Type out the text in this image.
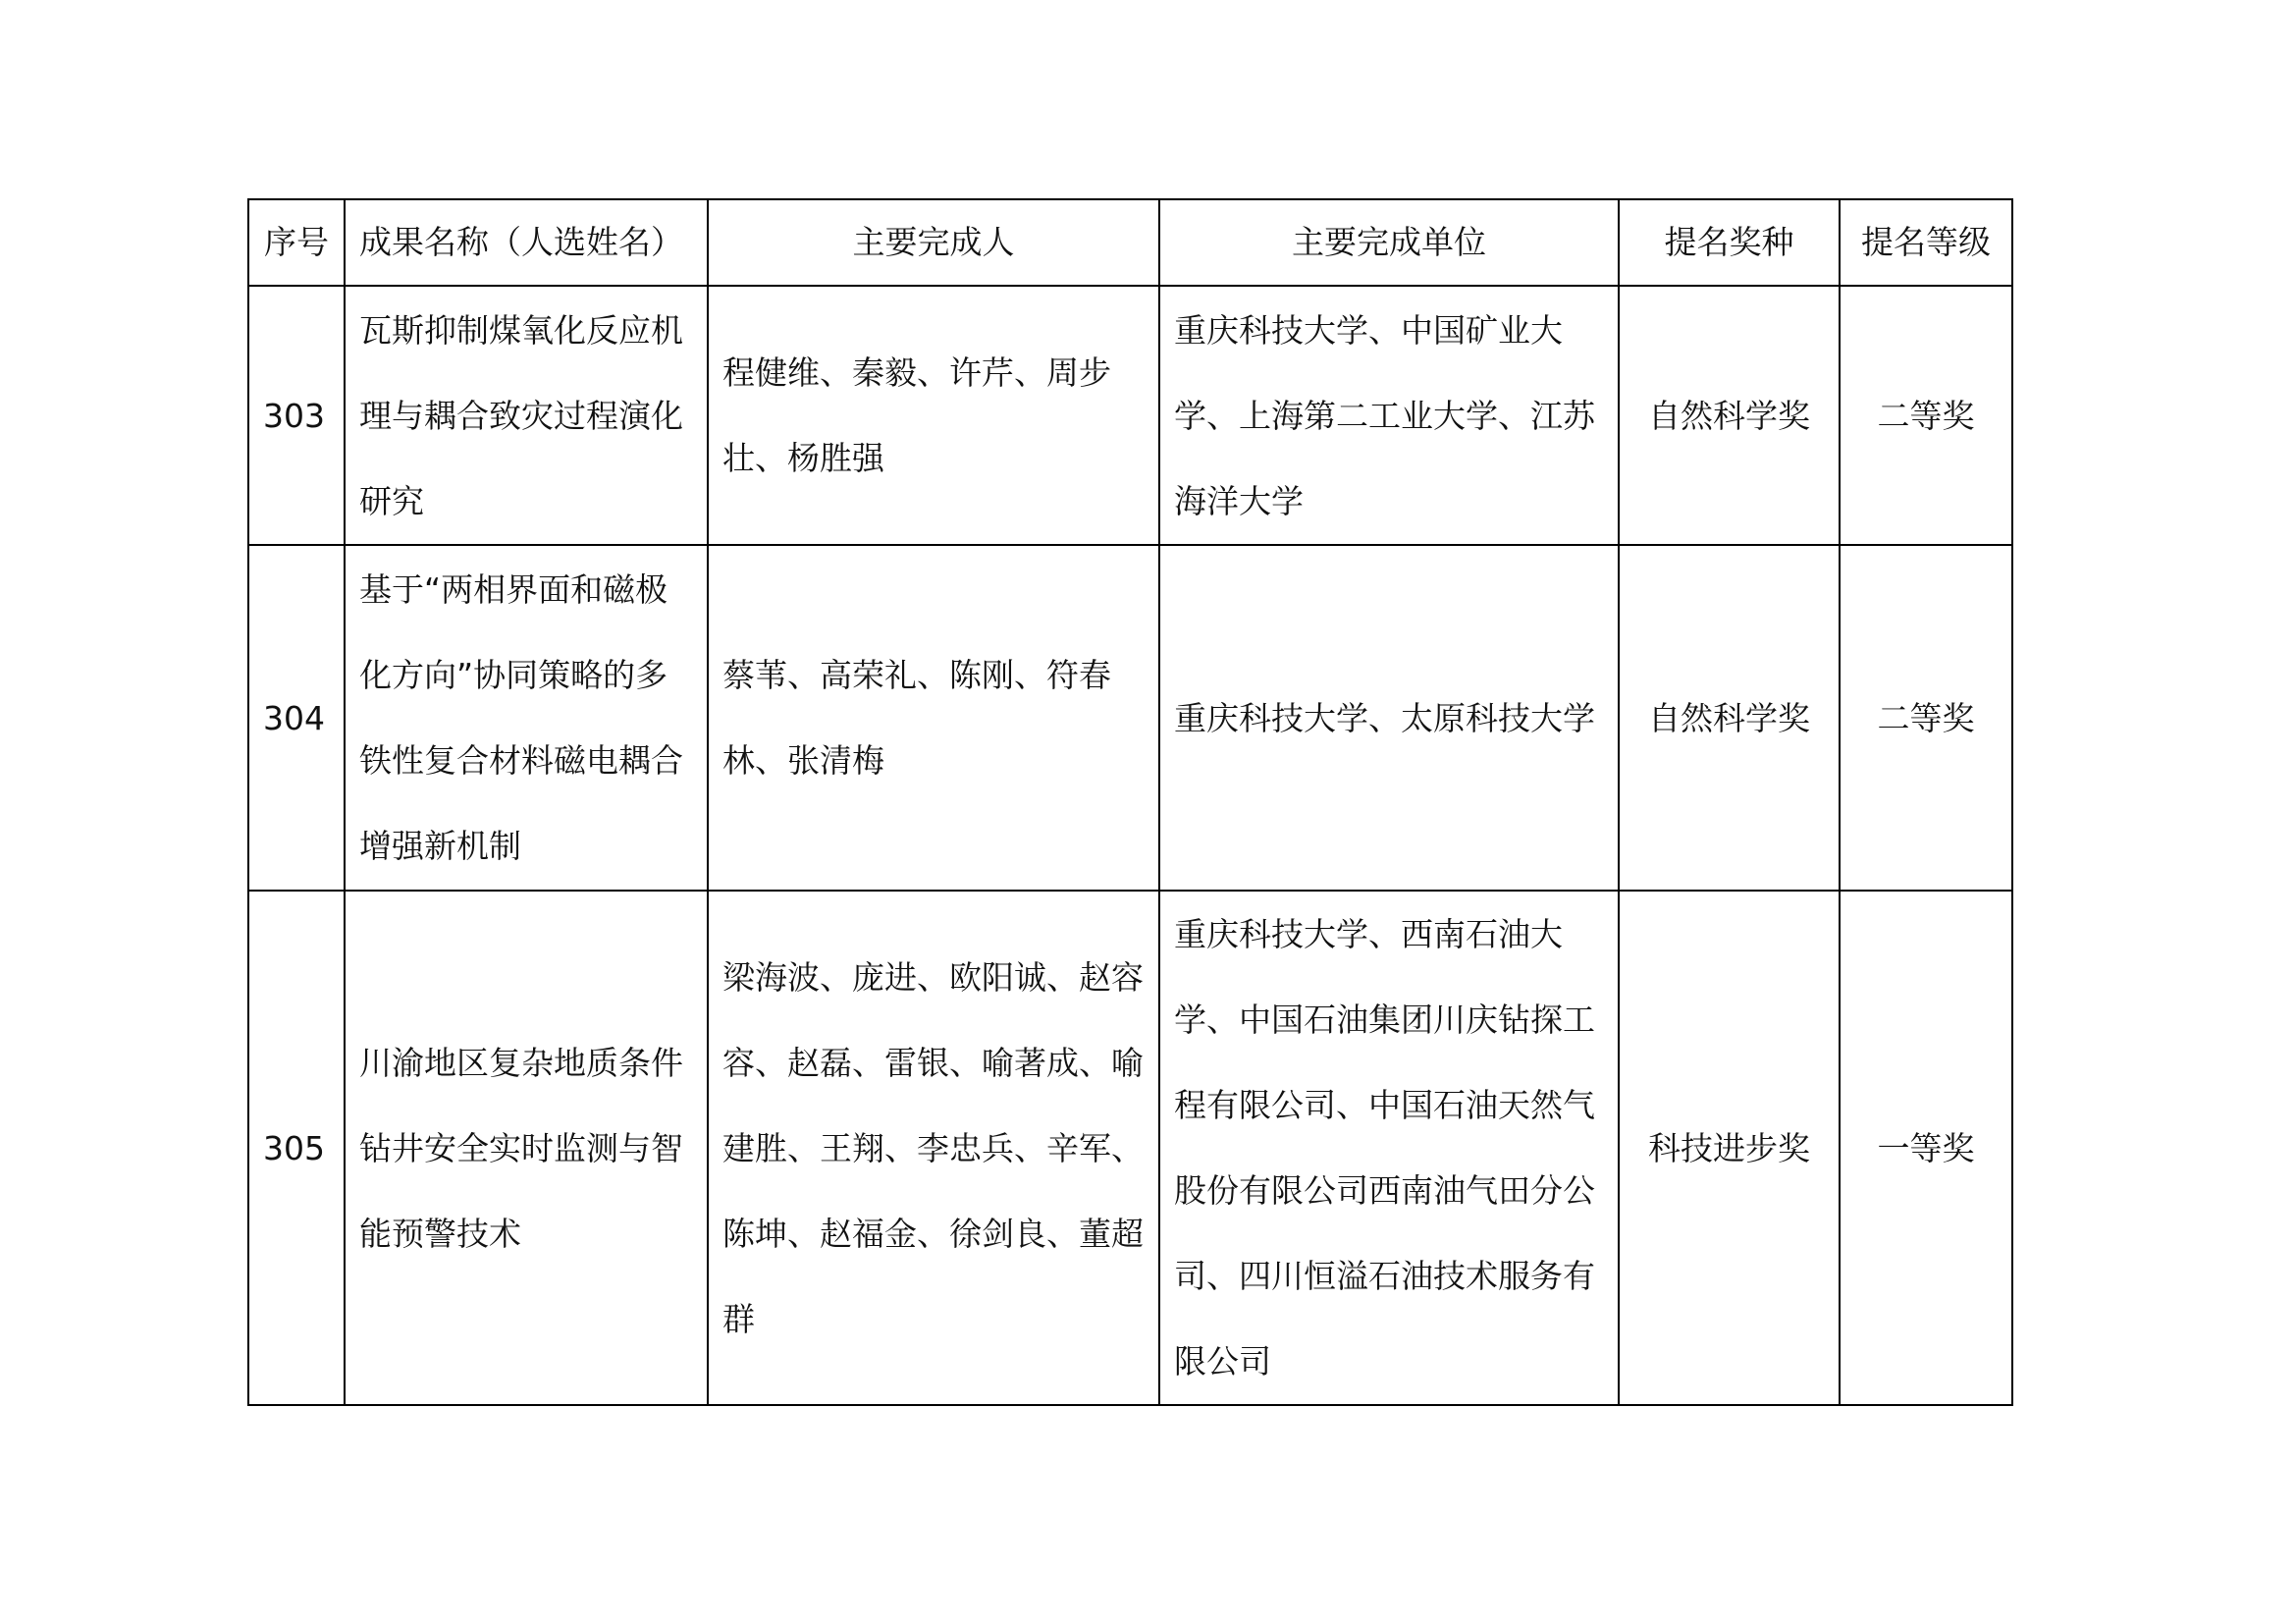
序号	成果名称（人选姓名）	主要完成人	主要完成单位	提名奖种	提名等级
303	瓦斯抑制煤氧化反应机理与耦合致灾过程演化研究	程健维、秦毅、许芹、周步壮、杨胜强	重庆科技大学、中国矿业大学、上海第二工业大学、江苏海洋大学	自然科学奖	二等奖
304	基于“两相界面和磁极化方向”协同策略的多铁性复合材料磁电耦合增强新机制	蔡苇、高荣礼、陈刚、符春林、张清梅	重庆科技大学、太原科技大学	自然科学奖	二等奖
305	川渝地区复杂地质条件钻井安全实时监测与智能预警技术	梁海波、庞进、欧阳诚、赵容容、赵磊、雷银、喻著成、喻建胜、王翔、李忠兵、辛军、陈坤、赵福金、徐剑良、董超群	重庆科技大学、西南石油大学、中国石油集团川庆钻探工程有限公司、中国石油天然气股份有限公司西南油气田分公司、四川恒溢石油技术服务有限公司	科技进步奖	一等奖
